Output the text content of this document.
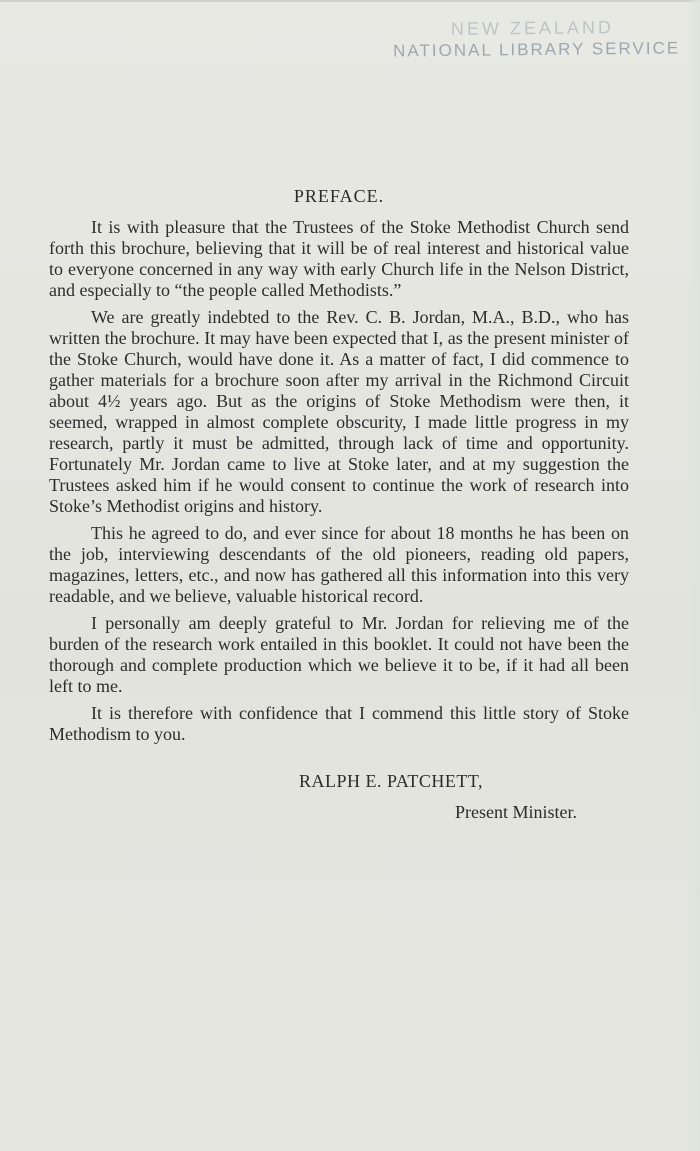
NEW ZEALAND
NATIONAL LIBRARY SERVICE
PREFACE.

It is with pleasure that the Trustees of the Stoke Methodist Church send forth this brochure, believing that it will be of real interest and historical value to everyone concerned in any way with early Church life in the Nelson District, and especially to “the people called Methodists.”

We are greatly indebted to the Rev. C. B. Jordan, M.A., B.D., who has written the brochure. It may have been expected that I, as the present minister of the Stoke Church, would have done it. As a matter of fact, I did commence to gather materials for a brochure soon after my arrival in the Richmond Circuit about 4½ years ago. But as the origins of Stoke Methodism were then, it seemed, wrapped in almost complete obscurity, I made little progress in my research, partly it must be admitted, through lack of time and opportunity. Fortunately Mr. Jordan came to live at Stoke later, and at my suggestion the Trustees asked him if he would consent to continue the work of research into Stoke’s Methodist origins and history.

This he agreed to do, and ever since for about 18 months he has been on the job, interviewing descendants of the old pioneers, reading old papers, magazines, letters, etc., and now has gathered all this information into this very readable, and we believe, valuable historical record.

I personally am deeply grateful to Mr. Jordan for relieving me of the burden of the research work entailed in this booklet. It could not have been the thorough and complete production which we believe it to be, if it had all been left to me.

It is therefore with confidence that I commend this little story of Stoke Methodism to you.

RALPH E. PATCHETT,
Present Minister.
